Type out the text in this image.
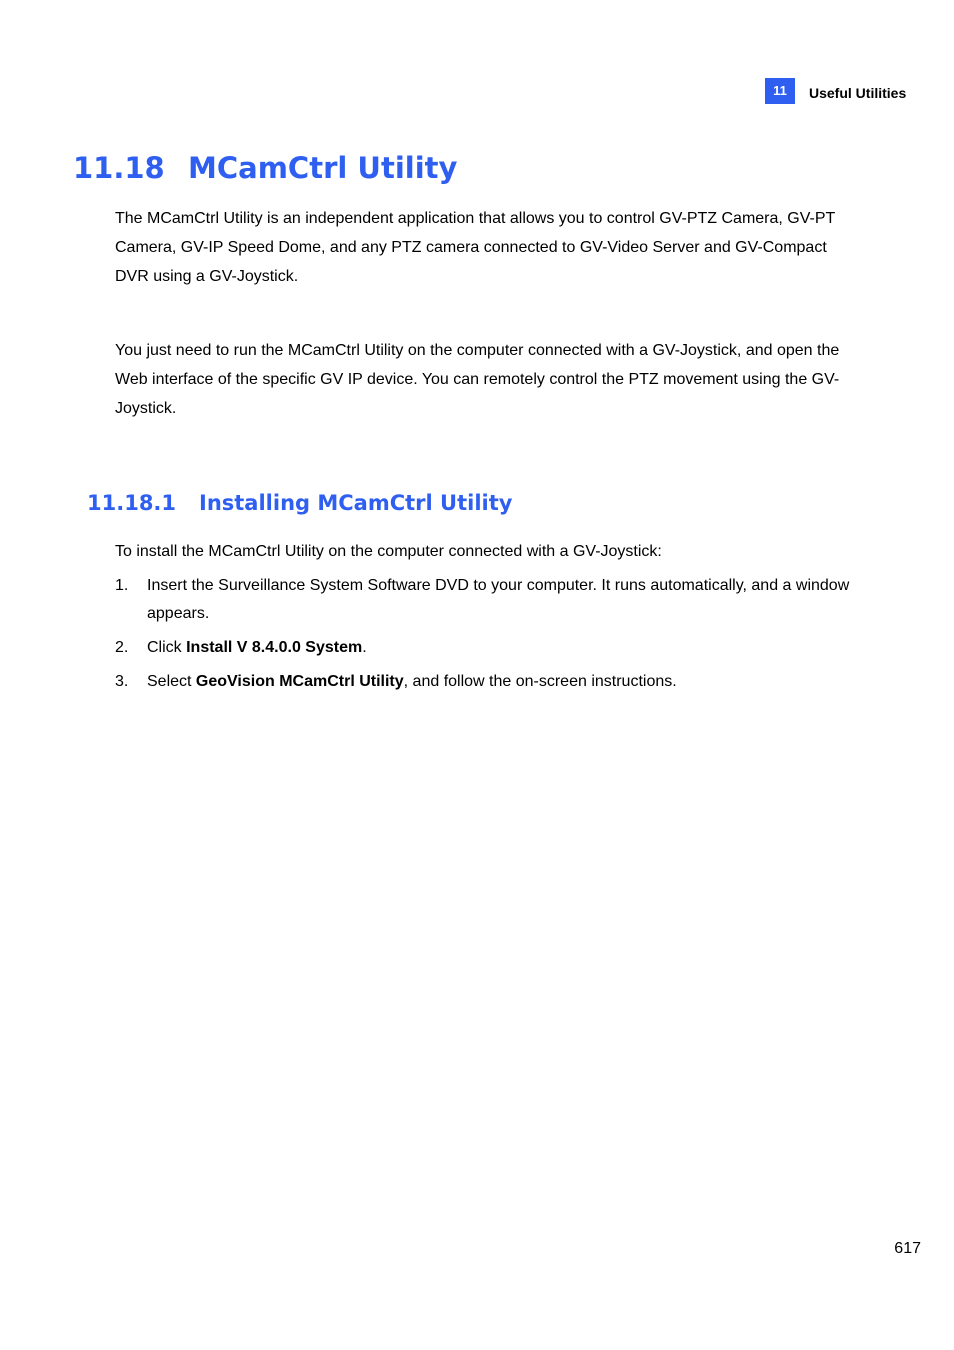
11	Useful Utilities
11.18 MCamCtrl Utility

The MCamCtrl Utility is an independent application that allows you to control GV-PTZ Camera, GV-PT Camera, GV-IP Speed Dome, and any PTZ camera connected to GV-Video Server and GV-Compact DVR using a GV-Joystick.

You just need to run the MCamCtrl Utility on the computer connected with a GV-Joystick, and open the Web interface of the specific GV IP device. You can remotely control the PTZ movement using the GV-Joystick.

11.18.1 Installing MCamCtrl Utility

To install the MCamCtrl Utility on the computer connected with a GV-Joystick:

1. Insert the Surveillance System Software DVD to your computer. It runs automatically, and a window appears.
2. Click Install V 8.4.0.0 System.
3. Select GeoVision MCamCtrl Utility, and follow the on-screen instructions.
617
